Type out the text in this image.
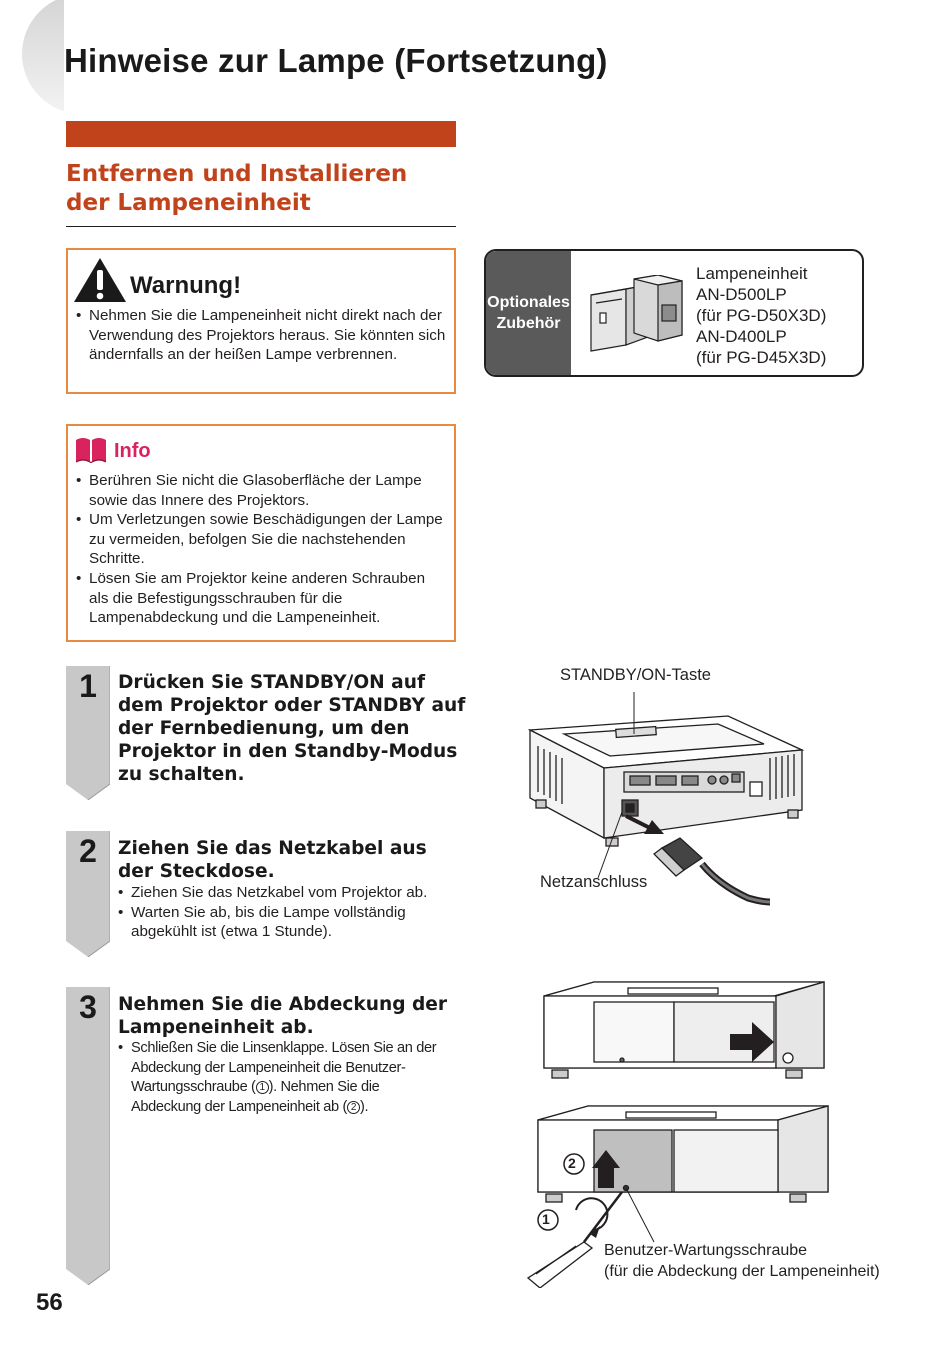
Hinweise zur Lampe (Fortsetzung)
Entfernen und Installieren
der Lampeneinheit
Warnung!
• Nehmen Sie die Lampeneinheit nicht direkt nach der Verwendung des Projektors heraus. Sie könnten sich ändernfalls an der heißen Lampe verbrennen.
Optionales
Zubehör
Lampeneinheit
AN-D500LP
(für PG-D50X3D)
AN-D400LP
(für PG-D45X3D)
Info
• Berühren Sie nicht die Glasoberfläche der Lampe sowie das Innere des Projektors.
• Um Verletzungen sowie Beschädigungen der Lampe zu vermeiden, befolgen Sie die nachstehenden Schritte.
• Lösen Sie am Projektor keine anderen Schrauben als die Befestigungsschrauben für die Lampenabdeckung und die Lampeneinheit.
1	Drücken Sie STANDBY/ON auf dem Projektor oder STANDBY auf der Fernbedienung, um den Projektor in den Standby-Modus zu schalten.
2	Ziehen Sie das Netzkabel aus der Steckdose.
• Ziehen Sie das Netzkabel vom Projektor ab.
• Warten Sie ab, bis die Lampe vollständig abgekühlt ist (etwa 1 Stunde).
3	Nehmen Sie die Abdeckung der Lampeneinheit ab.
• Schließen Sie die Linsenklappe. Lösen Sie an der Abdeckung der Lampeneinheit die Benutzer-Wartungsschraube ( 1 ). Nehmen Sie die Abdeckung der Lampeneinheit ab ( 2 ).
STANDBY/ON-Taste
Netzanschluss
2
1
Benutzer-Wartungsschraube
(für die Abdeckung der Lampeneinheit)
56
